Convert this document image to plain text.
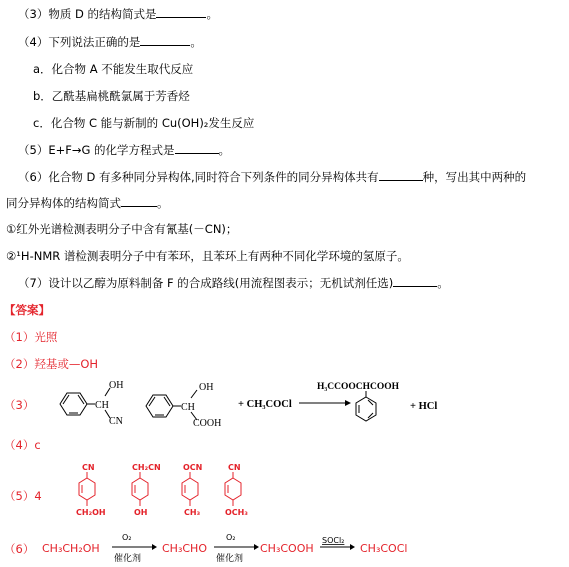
（3）物质 D 的结构简式是	。
（4）下列说法正确的是	。
a．化合物 A 不能发生取代反应
b．乙酰基扁桃酰氯属于芳香烃
c．化合物 C 能与新制的 Cu(OH)₂发生反应
（5）E+F→G 的化学方程式是	。
（6）化合物 D 有多种同分异构体,同时符合下列条件的同分异构体共有	种，写出其中两种的
同分异构体的结构简式	。
①红外光谱检测表明分子中含有氰基(－CN)；
②¹H-NMR 谱检测表明分子中有苯环，且苯环上有两种不同化学环境的氢原子。
（7）设计以乙醇为原料制备 F 的合成路线(用流程图表示；无机试剂任选)	。
【答案】
（1）光照
（2）羟基或—OH
（3）
（4）c
（5）4
（6）
OH
CH
CN
OH
CH
COOH
+ CH₃COCl
H₃CCOOCHCOOH
+ HCl
CN
CH₂OH
CH₂CN
OH
OCN
CH₃
CN
OCH₃
CH₃CH₂OH
O₂
催化剂
CH₃CHO
O₂
催化剂
CH₃COOH
SOCl₂
CH₃COCl
